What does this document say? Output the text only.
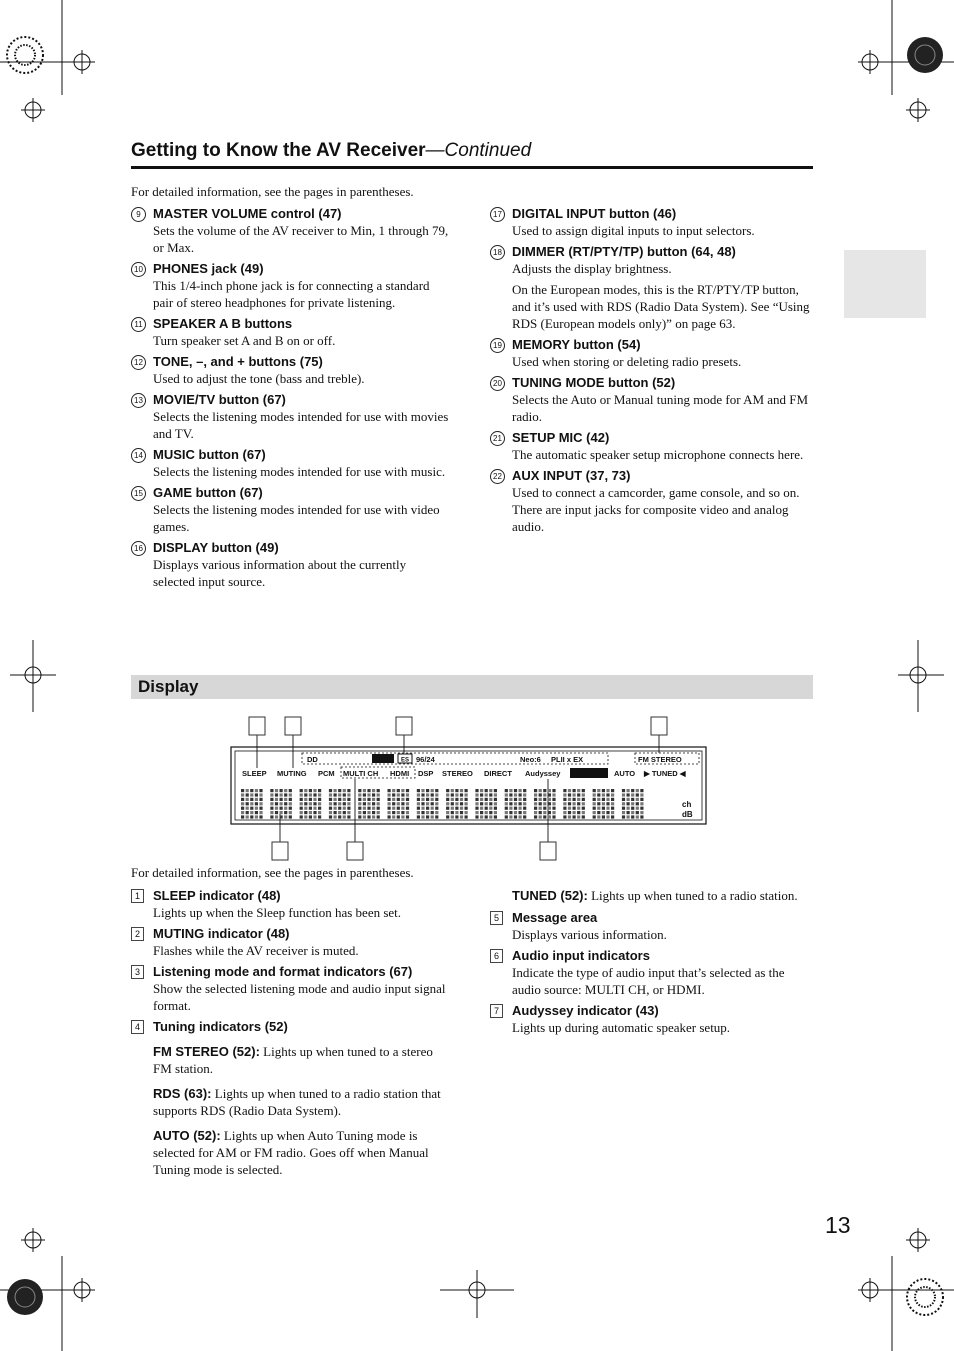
Getting to Know the AV Receiver—Continued
For detailed information, see the pages in parentheses.
9 MASTER VOLUME control (47)
Sets the volume of the AV receiver to Min, 1 through 79, or Max.
10 PHONES jack (49)
This 1/4-inch phone jack is for connecting a standard pair of stereo headphones for private listening.
11 SPEAKER A B buttons
Turn speaker set A and B on or off.
12 TONE, –, and + buttons (75)
Used to adjust the tone (bass and treble).
13 MOVIE/TV button (67)
Selects the listening modes intended for use with movies and TV.
14 MUSIC button (67)
Selects the listening modes intended for use with music.
15 GAME button (67)
Selects the listening modes intended for use with video games.
16 DISPLAY button (49)
Displays various information about the currently selected input source.
17 DIGITAL INPUT button (46)
Used to assign digital inputs to input selectors.
18 DIMMER (RT/PTY/TP) button (64, 48)
Adjusts the display brightness.
On the European modes, this is the RT/PTY/TP button, and it’s used with RDS (Radio Data System). See “Using RDS (European models only)” on page 63.
19 MEMORY button (54)
Used when storing or deleting radio presets.
20 TUNING MODE button (52)
Selects the Auto or Manual tuning mode for AM and FM radio.
21 SETUP MIC (42)
The automatic speaker setup microphone connects here.
22 AUX INPUT (37, 73)
Used to connect a camcorder, game console, and so on. There are input jacks for composite video and analog audio.
Display
DD	ES 96/24	Neo:6 PLII x EX	FM STEREO
SLEEP MUTING PCM MULTI CH HDMI DSP STEREO DIRECT Audyssey	AUTO ▶ TUNED ◀
ch
dB
For detailed information, see the pages in parentheses.
1	SLEEP indicator (48)
Lights up when the Sleep function has been set.
2	MUTING indicator (48)
Flashes while the AV receiver is muted.
3	Listening mode and format indicators (67)
Show the selected listening mode and audio input signal format.
4	Tuning indicators (52)
FM STEREO (52): Lights up when tuned to a stereo FM station.
RDS (63): Lights up when tuned to a radio station that supports RDS (Radio Data System).
AUTO (52): Lights up when Auto Tuning mode is selected for AM or FM radio. Goes off when Manual Tuning mode is selected.
TUNED (52): Lights up when tuned to a radio station.
5	Message area
Displays various information.
6	Audio input indicators
Indicate the type of audio input that’s selected as the audio source: MULTI CH, or HDMI.
7	Audyssey indicator (43)
Lights up during automatic speaker setup.
13
